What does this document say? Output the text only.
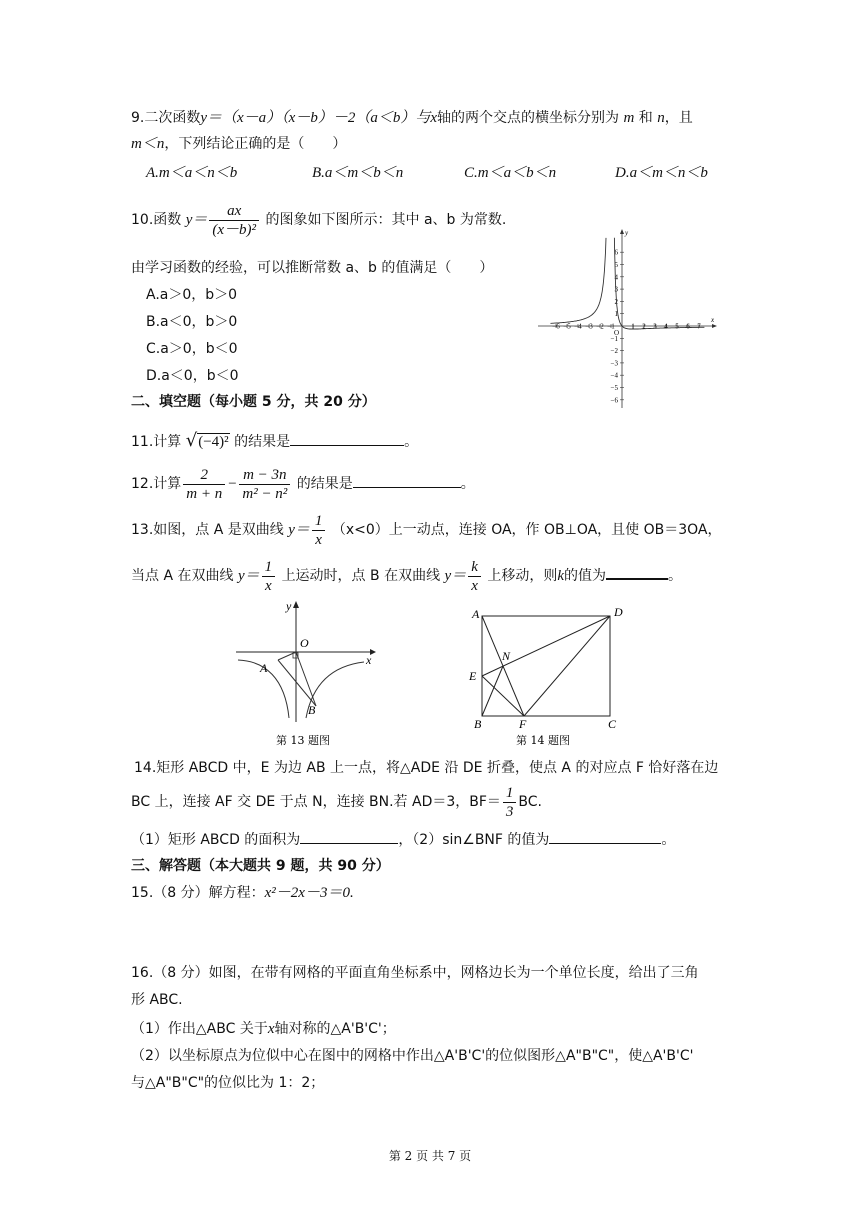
9.二次函数y＝（x－a）（x－b）－2（a＜b）与x轴的两个交点的横坐标分别为 m 和 n，且
m＜n，下列结论正确的是（　　）
A.m＜a＜n＜b	B.a＜m＜b＜n	C.m＜a＜b＜n	D.a＜m＜n＜b
10.函数 $y= \frac{ax}{\text{(x－b)²}}$ 的图象如下图所示：其中 a、b 为常数.
由学习函数的经验，可以推断常数 a、b 的值满足（　　）
A.a＞0，b＞0
B.a＜0，b＞0
C.a＞0，b＜0
D.a＜0，b＜0
y
x
O
6
5
4
3
2
1
−1
−2
−3
−4
−5
−6
−6 −5 −4 −3 −2 −1 1 2 3 4 5 6 7
二、填空题（每小题 5 分，共 20 分）
11.计算 √(−4)² 的结果是	。
12.计算 $\frac{2}{m + n} - \frac{m - 3n}{\text{m² − n²}}$ 的结果是	。
13.如图，点 A 是双曲线 $y= \frac{1}{x} (x<0)$上一动点，连接 OA，作 OB⊥OA，且使 OB＝3OA，
当点 A 在双曲线 $y= \frac{1}{x}$ 上运动时，点 B 在双曲线 $y= \frac{k}{x}$ 上移动，则k的值为	。
y
O
x
A
B
第 13 题图
A	D
N
E
B	F	C
第 14 题图
14.矩形 ABCD 中，E 为边 AB 上一点，将△ADE 沿 DE 折叠，使点 A 的对应点 F 恰好落在边
BC 上，连接 AF 交 DE 于点 N，连接 BN.若 AD＝3，$BF= \frac{1}{3}$ BC.
（1）矩形 ABCD 的面积为	，（2）sin∠BNF 的值为	。
三、解答题（本大题共 9 题，共 90 分）
15.（8 分）解方程：x²－2x－3＝0.
16.（8 分）如图，在带有网格的平面直角坐标系中，网格边长为一个单位长度，给出了三角
形 ABC.
（1）作出△ABC 关于x轴对称的△A'B'C'；
（2）以坐标原点为位似中心在图中的网格中作出△A'B'C'的位似图形△A"B"C"，使△A'B'C'
与△A"B"C"的位似比为 1：2；
第 2 页 共 7 页
